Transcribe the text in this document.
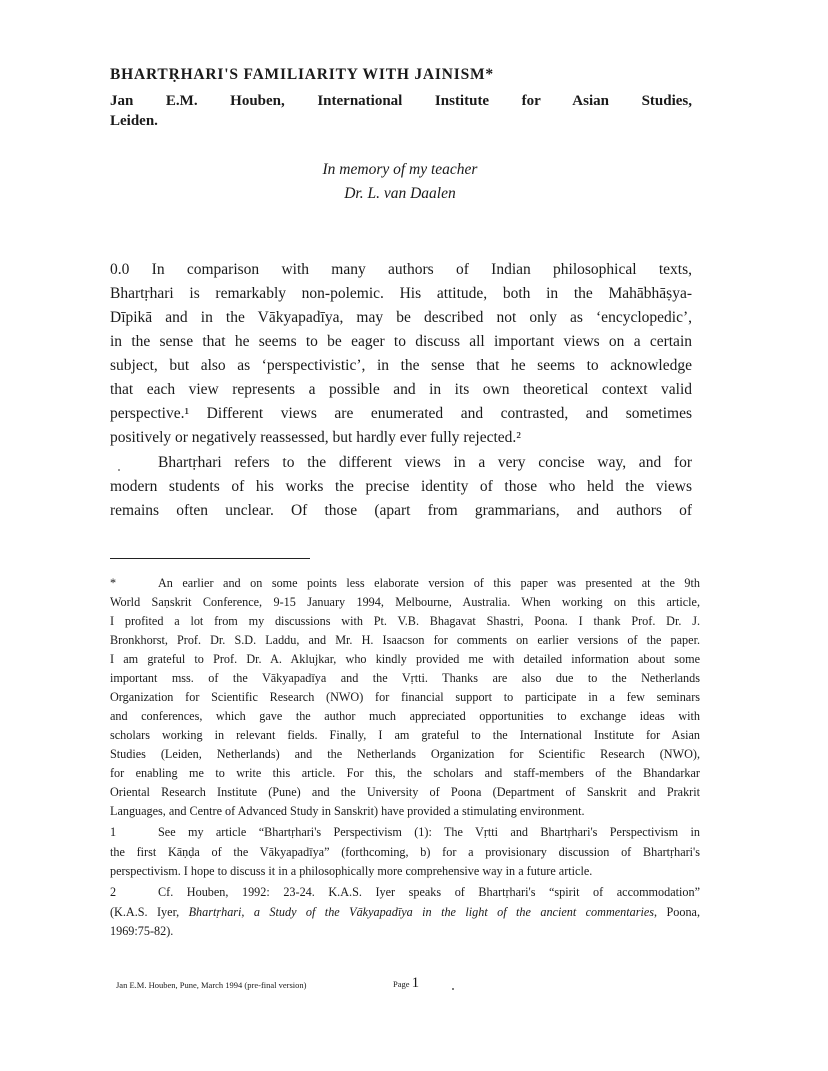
BHARTṚHARI'S FAMILIARITY WITH JAINISM*
Jan E.M. Houben, International Institute for Asian Studies,
Leiden.
In memory of my teacher
Dr. L. van Daalen
0.0 In comparison with many authors of Indian philosophical texts,
Bhartṛhari is remarkably non-polemic. His attitude, both in the Mahābhāṣya-
Dīpikā and in the Vākyapadīya, may be described not only as ‘encyclopedic’,
in the sense that he seems to be eager to discuss all important views on a certain
subject, but also as ‘perspectivistic’, in the sense that he seems to acknowledge
that each view represents a possible and in its own theoretical context valid
perspective.¹ Different views are enumerated and contrasted, and sometimes
positively or negatively reassessed, but hardly ever fully rejected.²
Bhartṛhari refers to the different views in a very concise way, and for
modern students of his works the precise identity of those who held the views
remains often unclear. Of those (apart from grammarians, and authors of
*	An earlier and on some points less elaborate version of this paper was presented at the 9th
World Saṇskrit Conference, 9-15 January 1994, Melbourne, Australia. When working on this article,
I profited a lot from my discussions with Pt. V.B. Bhagavat Shastri, Poona. I thank Prof. Dr. J.
Bronkhorst, Prof. Dr. S.D. Laddu, and Mr. H. Isaacson for comments on earlier versions of the paper.
I am grateful to Prof. Dr. A. Aklujkar, who kindly provided me with detailed information about some
important mss. of the Vākyapadīya and the Vṛtti. Thanks are also due to the Netherlands
Organization for Scientific Research (NWO) for financial support to participate in a few seminars
and conferences, which gave the author much appreciated opportunities to exchange ideas with
scholars working in relevant fields. Finally, I am grateful to the International Institute for Asian
Studies (Leiden, Netherlands) and the Netherlands Organization for Scientific Research (NWO),
for enabling me to write this article. For this, the scholars and staff-members of the Bhandarkar
Oriental Research Institute (Pune) and the University of Poona (Department of Sanskrit and Prakrit
Languages, and Centre of Advanced Study in Sanskrit) have provided a stimulating environment.
1	See my article “Bhartṛhari's Perspectivism (1): The Vṛtti and Bhartṛhari's Perspectivism in
the first Kāṇḍa of the Vākyapadīya” (forthcoming, b) for a provisionary discussion of Bhartṛhari's
perspectivism. I hope to discuss it in a philosophically more comprehensive way in a future article.
2	Cf. Houben, 1992: 23-24. K.A.S. Iyer speaks of Bhartṛhari's “spirit of accommodation”
(K.A.S. Iyer, Bhartṛhari, a Study of the Vākyapadīya in the light of the ancient commentaries, Poona,
1969:75-82).
Jan E.M. Houben, Pune, March 1994 (pre-final version)	Page 1
